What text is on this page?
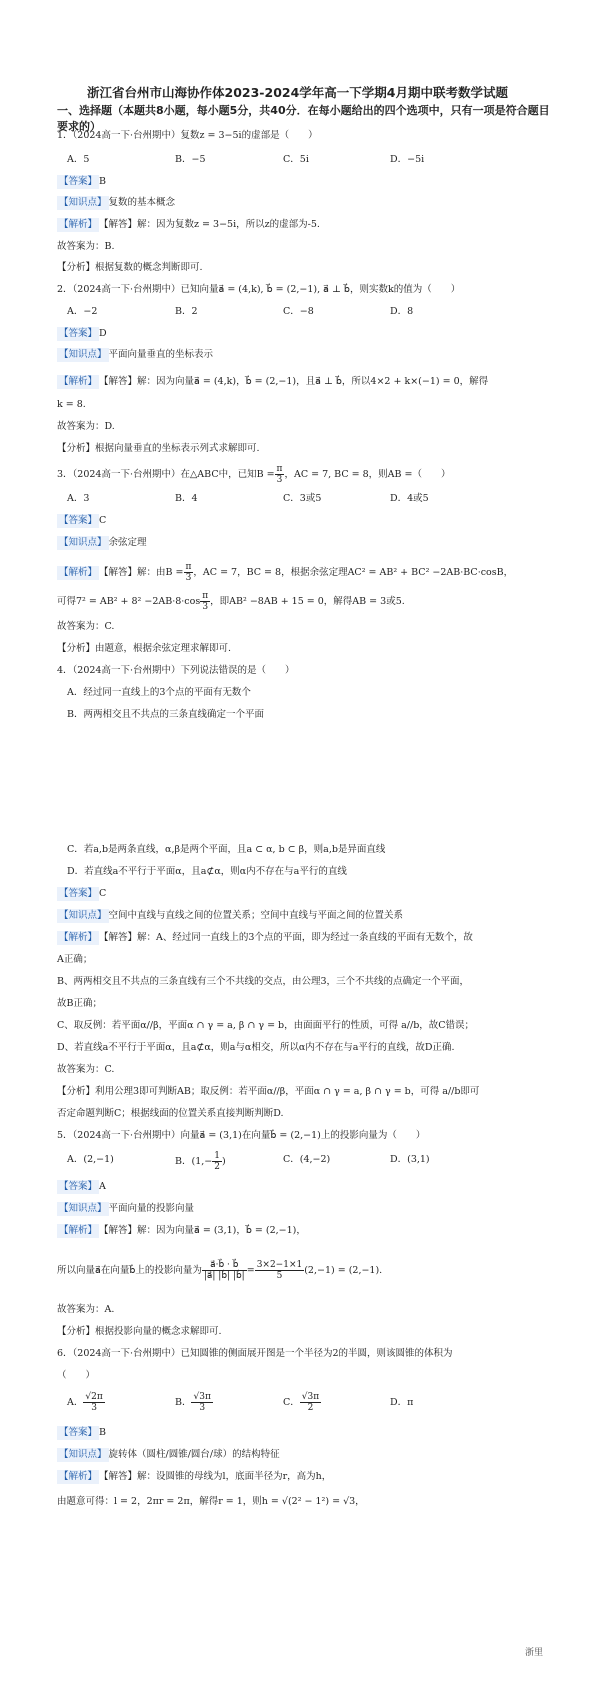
浙江省台州市山海协作体2023-2024学年高一下学期4月期中联考数学试题
一、选择题（本题共8小题，每小题5分，共40分．在每小题给出的四个选项中，只有一项是符合题目要求的）
1．（2024高一下·台州期中）复数z = 3−5i的虚部是（　　）
A．5	B．−5	C．5i	D．−5i
【答案】 B
【知识点】 复数的基本概念
【解析】 【解答】解：因为复数z = 3−5i，所以z的虚部为-5.
故答案为：B.
【分析】根据复数的概念判断即可.
2．（2024高一下·台州期中）已知向量a⃗ = (4,k), b⃗ = (2,−1), a⃗ ⊥ b⃗，则实数k的值为（　　）
A．−2	B．2	C．−8	D．8
【答案】 D
【知识点】 平面向量垂直的坐标表示
【解析】 【解答】解：因为向量a⃗ = (4,k)，b⃗ = (2,−1)，且a⃗ ⊥ b⃗，所以4×2 + k×(−1) = 0，解得
k = 8.
故答案为：D.
【分析】根据向量垂直的坐标表示列式求解即可.
3．（2024高一下·台州期中）在△ABC中，已知$B = \frac{\pi}{3}$ ，AC = 7, BC = 8，则AB =（　　）
A．3	B．4	C．3或5	D．4或5
【答案】 C
【知识点】 余弦定理
【解析】 【解答】解：由$B = \frac{\pi}{3}$ ，AC = 7，BC = 8，根据余弦定理AC² = AB² + BC² −2AB·BC·cosB，
可得$7^2 = AB^2 + 8^2 -2AB\cdot 8\cdot\cos \frac{\pi}{3}$ ，即AB² −8AB + 15 = 0，解得AB = 3或5.
故答案为：C.
【分析】由题意，根据余弦定理求解即可.
4．（2024高一下·台州期中）下列说法错误的是（　　）
A．经过同一直线上的3个点的平面有无数个
B．两两相交且不共点的三条直线确定一个平面
C．若a,b是两条直线，α,β是两个平面，且a ⊂ α, b ⊂ β，则a,b是异面直线
D．若直线a不平行于平面α，且a⊄α，则α内不存在与a平行的直线
【答案】 C
【知识点】 空间中直线与直线之间的位置关系；空间中直线与平面之间的位置关系
【解析】 【解答】解：A、经过同一直线上的3个点的平面，即为经过一条直线的平面有无数个，故
A正确；
B、两两相交且不共点的三条直线有三个不共线的交点，由公理3，三个不共线的点确定一个平面，
故B正确；
C、取反例：若平面α//β，平面α ∩ γ = a, β ∩ γ = b，由面面平行的性质，可得 a//b，故C错误；
D、若直线a不平行于平面α，且a⊄α，则a与α相交，所以α内不存在与a平行的直线，故D正确.
故答案为：C.
【分析】利用公理3即可判断AB；取反例：若平面α//β，平面α ∩ γ = a, β ∩ γ = b，可得 a//b即可
否定命题判断C；根据线面的位置关系直接判断判断D.
5．（2024高一下·台州期中）向量a⃗ = (3,1)在向量b⃗ = (2,−1)上的投影向量为（　　）
A．(2,−1)	B．($1,- \frac{1}{2}$ )	C．(4,−2)	D．(3,1)
【答案】 A
【知识点】 平面向量的投影向量
【解析】 【解答】解：因为向量a⃗ = (3,1)，b⃗ = (2,−1)，
所以向量a⃗在向量b⃗上的投影向量为 $\frac{a⃗\cdot b⃗ \cdot b⃗}{|a⃗| |b⃗| |b⃗|} = \frac{3\times 2-1\times 1}{5} (2,-1) = (2,-1)$.
故答案为：A.
【分析】根据投影向量的概念求解即可.
6．（2024高一下·台州期中）已知圆锥的侧面展开图是一个半径为2的半圆，则该圆锥的体积为
（　　）
A． $\frac{√2\pi}{3}$	B． $\frac{√3\pi}{3}$	C． $\frac{√3\pi}{2}$	D．π
【答案】 B
【知识点】 旋转体（圆柱/圆锥/圆台/球）的结构特征
【解析】 【解答】解：设圆锥的母线为l，底面半径为r，高为h，
由题意可得：l = 2，2πr = 2π，解得r = 1，则h = √(2² − 1²) = √3，
浙里
